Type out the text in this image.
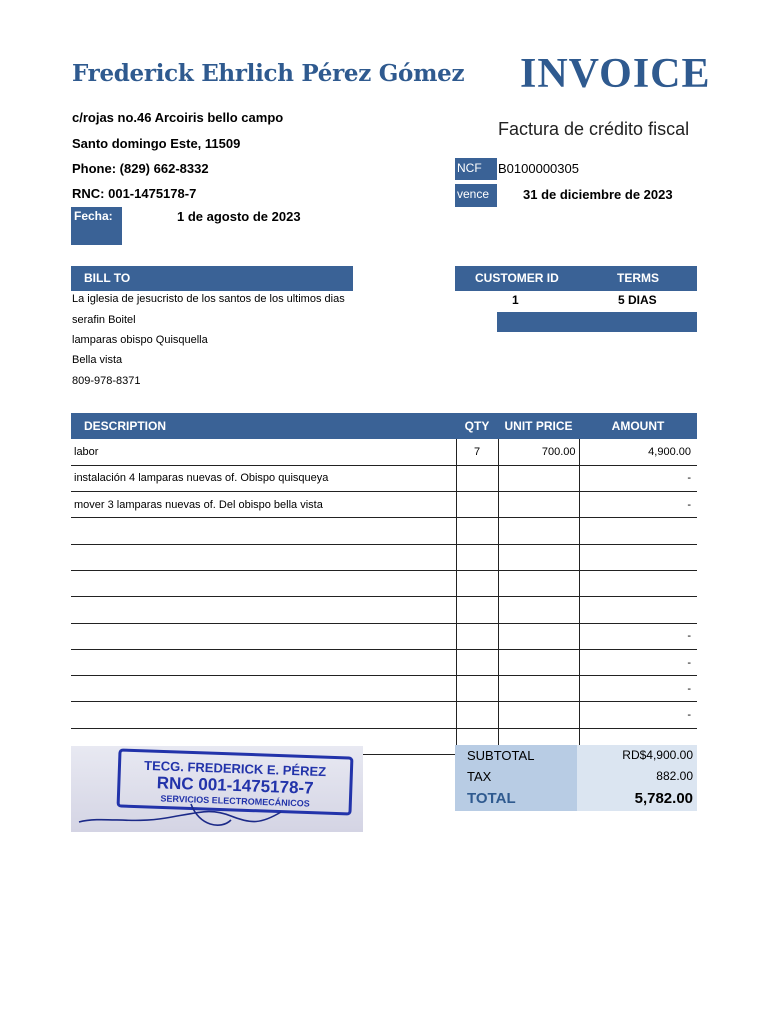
Frederick Ehrlich Pérez Gómez INVOICE
Factura de crédito fiscal
c/rojas no.46 Arcoiris bello campo
Santo domingo Este, 11509
Phone: (829) 662-8332
RNC: 001-1475178-7
Fecha:	1 de agosto de 2023
NCF	B0100000305
vence	31 de diciembre de 2023
BILL TO
La iglesia de jesucristo de los santos de los ultimos dias
serafin Boitel
lamparas obispo Quisquella
Bella vista
809-978-8371
CUSTOMER ID	TERMS
1	5 DIAS
DESCRIPTION	QTY	UNIT PRICE	AMOUNT
labor	7	700.00	4,900.00
instalación 4 lamparas nuevas of. Obispo quisqueya			-
mover 3 lamparas nuevas of. Del obispo bella vista			-

			-
			-
			-
			-

TECG. FREDERICK E. PÉREZ
RNC 001-1475178-7
SERVICIOS ELECTROMECÁNICOS
SUBTOTAL	RD$4,900.00
TAX	882.00
TOTAL	5,782.00
